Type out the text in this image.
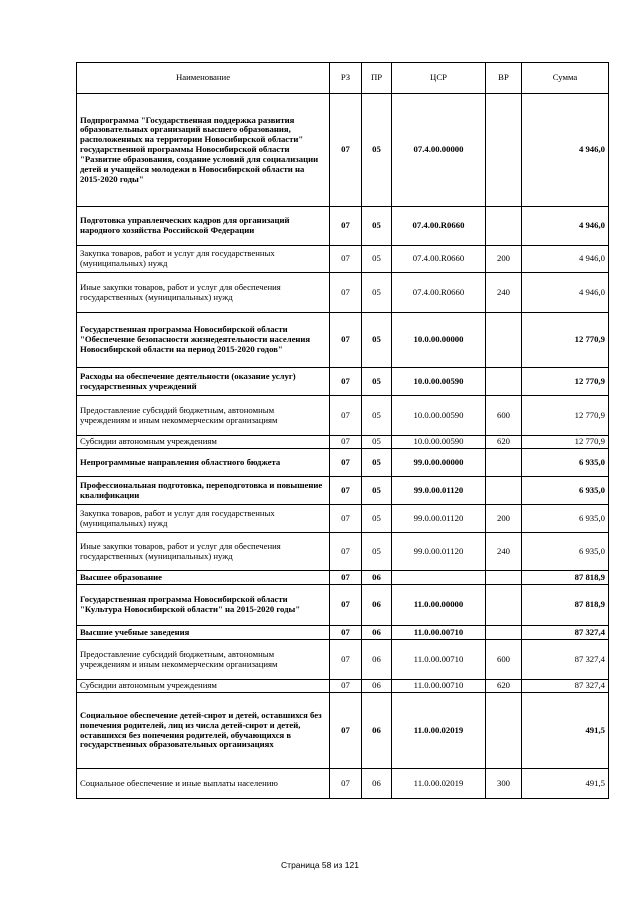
Наименование	РЗ	ПР	ЦСР	ВР	Сумма
Подпрограмма "Государственная поддержка развития образовательных организаций высшего образования, расположенных на территории Новосибирской области" государственной программы Новосибирской области "Развитие образования, создание условий для социализации детей и учащейся молодежи в Новосибирской области на 2015-2020 годы"	07	05	07.4.00.00000		4 946,0
Подготовка управленческих кадров для организаций народного хозяйства Российской Федерации	07	05	07.4.00.R0660		4 946,0
Закупка товаров, работ и услуг для государственных (муниципальных) нужд	07	05	07.4.00.R0660	200	4 946,0
Иные закупки товаров, работ и услуг для обеспечения государственных (муниципальных) нужд	07	05	07.4.00.R0660	240	4 946,0
Государственная программа Новосибирской области "Обеспечение безопасности жизнедеятельности населения Новосибирской области на период 2015-2020 годов"	07	05	10.0.00.00000		12 770,9
Расходы на обеспечение деятельности (оказание услуг) государственных учреждений	07	05	10.0.00.00590		12 770,9
Предоставление субсидий бюджетным, автономным учреждениям и иным некоммерческим организациям	07	05	10.0.00.00590	600	12 770,9
Субсидии автономным учреждениям	07	05	10.0.00.00590	620	12 770,9
Непрограммные направления областного бюджета	07	05	99.0.00.00000		6 935,0
Профессиональная подготовка, переподготовка и повышение квалификации	07	05	99.0.00.01120		6 935,0
Закупка товаров, работ и услуг для государственных (муниципальных) нужд	07	05	99.0.00.01120	200	6 935,0
Иные закупки товаров, работ и услуг для обеспечения государственных (муниципальных) нужд	07	05	99.0.00.01120	240	6 935,0
Высшее образование	07	06			87 818,9
Государственная программа Новосибирской области "Культура Новосибирской области" на 2015-2020 годы"	07	06	11.0.00.00000		87 818,9
Высшие учебные заведения	07	06	11.0.00.00710		87 327,4
Предоставление субсидий бюджетным, автономным учреждениям и иным некоммерческим организациям	07	06	11.0.00.00710	600	87 327,4
Субсидии автономным учреждениям	07	06	11.0.00.00710	620	87 327,4
Социальное обеспечение детей-сирот и детей, оставшихся без попечения родителей, лиц из числа детей-сирот и детей, оставшихся без попечения родителей, обучающихся в государственных образовательных организациях	07	06	11.0.00.02019		491,5
Социальное обеспечение и иные выплаты населению	07	06	11.0.00.02019	300	491,5
Страница 58 из 121
